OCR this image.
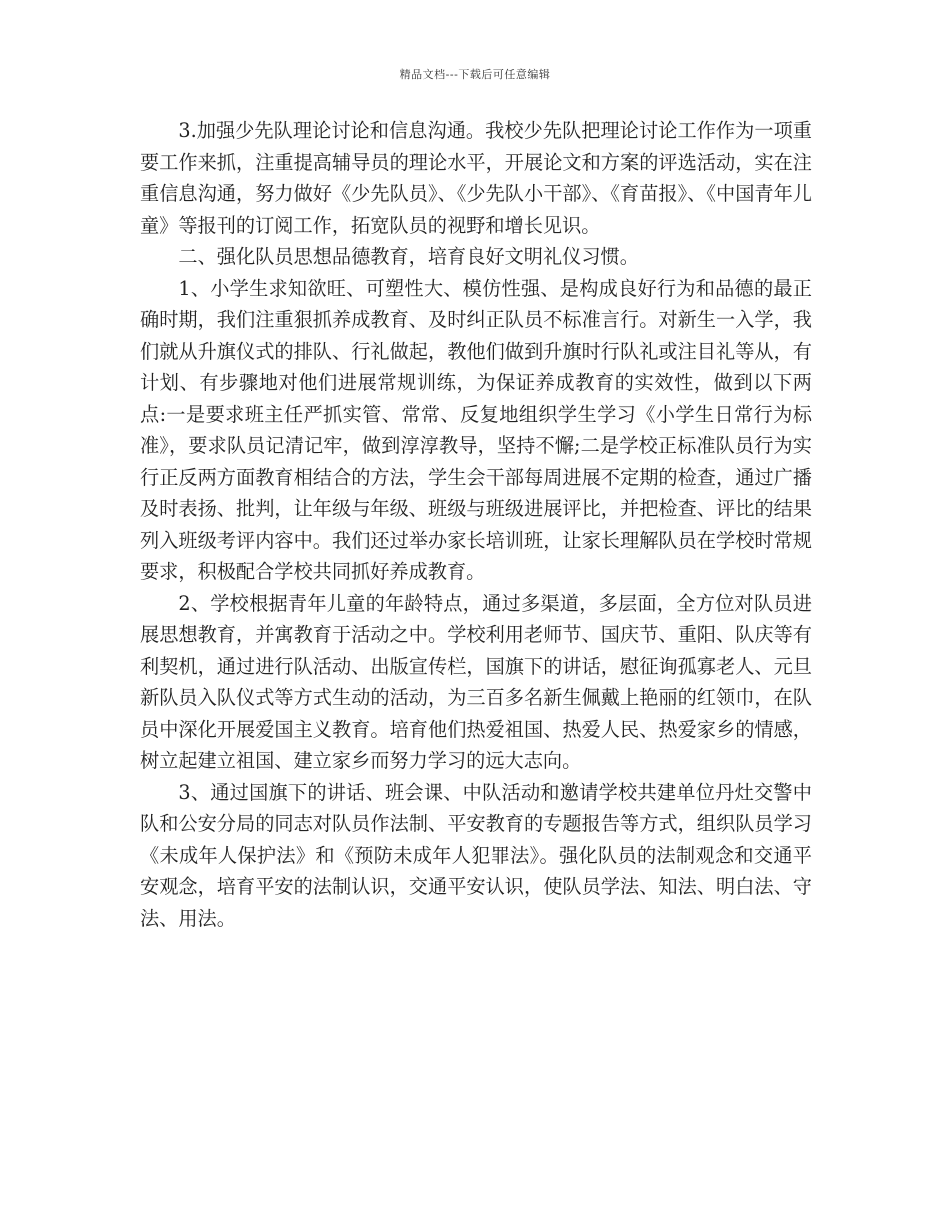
精品文档---下载后可任意编辑

3.加强少先队理论讨论和信息沟通。我校少先队把理论讨论工作作为一项重要工作来抓，注重提高辅导员的理论水平，开展论文和方案的评选活动，实在注重信息沟通，努力做好《少先队员》、《少先队小干部》、《育苗报》、《中国青年儿童》等报刊的订阅工作，拓宽队员的视野和增长见识。

二、强化队员思想品德教育，培育良好文明礼仪习惯。

1、小学生求知欲旺、可塑性大、模仿性强、是构成良好行为和品德的最正确时期，我们注重狠抓养成教育、及时纠正队员不标准言行。对新生一入学，我们就从升旗仪式的排队、行礼做起，教他们做到升旗时行队礼或注目礼等从，有计划、有步骤地对他们进展常规训练，为保证养成教育的实效性，做到以下两点:一是要求班主任严抓实管、常常、反复地组织学生学习《小学生日常行为标准》，要求队员记清记牢，做到淳淳教导，坚持不懈;二是学校正标准队员行为实行正反两方面教育相结合的方法，学生会干部每周进展不定期的检查，通过广播及时表扬、批判，让年级与年级、班级与班级进展评比，并把检查、评比的结果列入班级考评内容中。我们还过举办家长培训班，让家长理解队员在学校时常规要求，积极配合学校共同抓好养成教育。

2、学校根据青年儿童的年龄特点，通过多渠道，多层面，全方位对队员进展思想教育，并寓教育于活动之中。学校利用老师节、国庆节、重阳、队庆等有利契机，通过进行队活动、出版宣传栏，国旗下的讲话，慰征询孤寡老人、元旦新队员入队仪式等方式生动的活动，为三百多名新生佩戴上艳丽的红领巾，在队员中深化开展爱国主义教育。培育他们热爱祖国、热爱人民、热爱家乡的情感，树立起建立祖国、建立家乡而努力学习的远大志向。

3、通过国旗下的讲话、班会课、中队活动和邀请学校共建单位丹灶交警中队和公安分局的同志对队员作法制、平安教育的专题报告等方式，组织队员学习《未成年人保护法》和《预防未成年人犯罪法》。强化队员的法制观念和交通平安观念，培育平安的法制认识，交通平安认识，使队员学法、知法、明白法、守法、用法。
